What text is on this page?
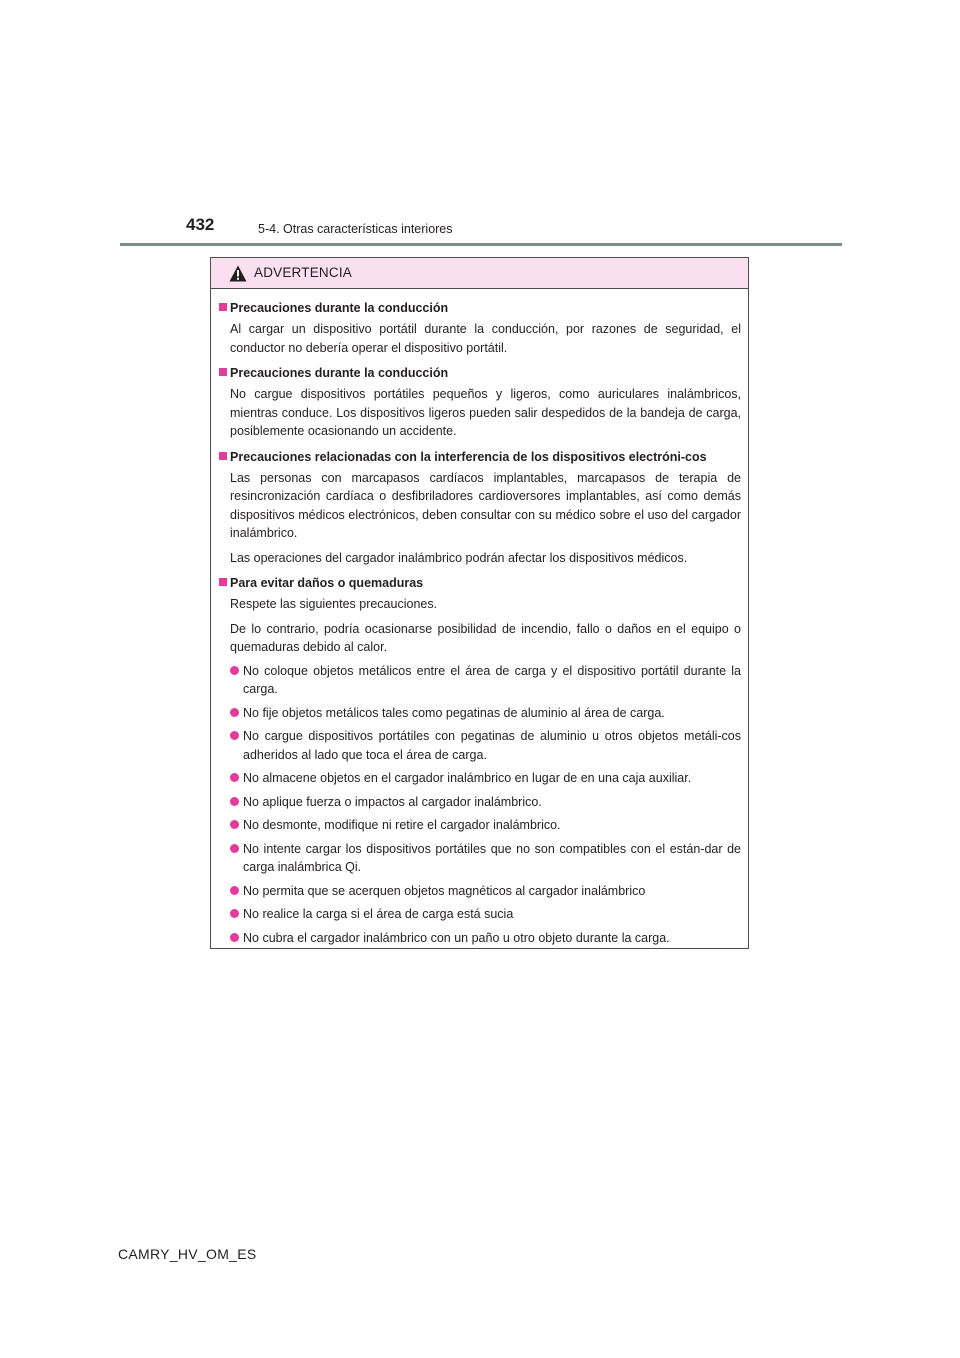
432	5-4. Otras características interiores
ADVERTENCIA
Precauciones durante la conducción
Al cargar un dispositivo portátil durante la conducción, por razones de seguridad, el conductor no debería operar el dispositivo portátil.
Precauciones durante la conducción
No cargue dispositivos portátiles pequeños y ligeros, como auriculares inalámbricos, mientras conduce. Los dispositivos ligeros pueden salir despedidos de la bandeja de carga, posiblemente ocasionando un accidente.
Precauciones relacionadas con la interferencia de los dispositivos electróni-cos
Las personas con marcapasos cardíacos implantables, marcapasos de terapia de resincronización cardíaca o desfibriladores cardioversores implantables, así como demás dispositivos médicos electrónicos, deben consultar con su médico sobre el uso del cargador inalámbrico.
Las operaciones del cargador inalámbrico podrán afectar los dispositivos médicos.
Para evitar daños o quemaduras
Respete las siguientes precauciones.
De lo contrario, podría ocasionarse posibilidad de incendio, fallo o daños en el equipo o quemaduras debido al calor.
No coloque objetos metálicos entre el área de carga y el dispositivo portátil durante la carga.
No fije objetos metálicos tales como pegatinas de aluminio al área de carga.
No cargue dispositivos portátiles con pegatinas de aluminio u otros objetos metáli-cos adheridos al lado que toca el área de carga.
No almacene objetos en el cargador inalámbrico en lugar de en una caja auxiliar.
No aplique fuerza o impactos al cargador inalámbrico.
No desmonte, modifique ni retire el cargador inalámbrico.
No intente cargar los dispositivos portátiles que no son compatibles con el están-dar de carga inalámbrica Qi.
No permita que se acerquen objetos magnéticos al cargador inalámbrico
No realice la carga si el área de carga está sucia
No cubra el cargador inalámbrico con un paño u otro objeto durante la carga.
CAMRY_HV_OM_ES
